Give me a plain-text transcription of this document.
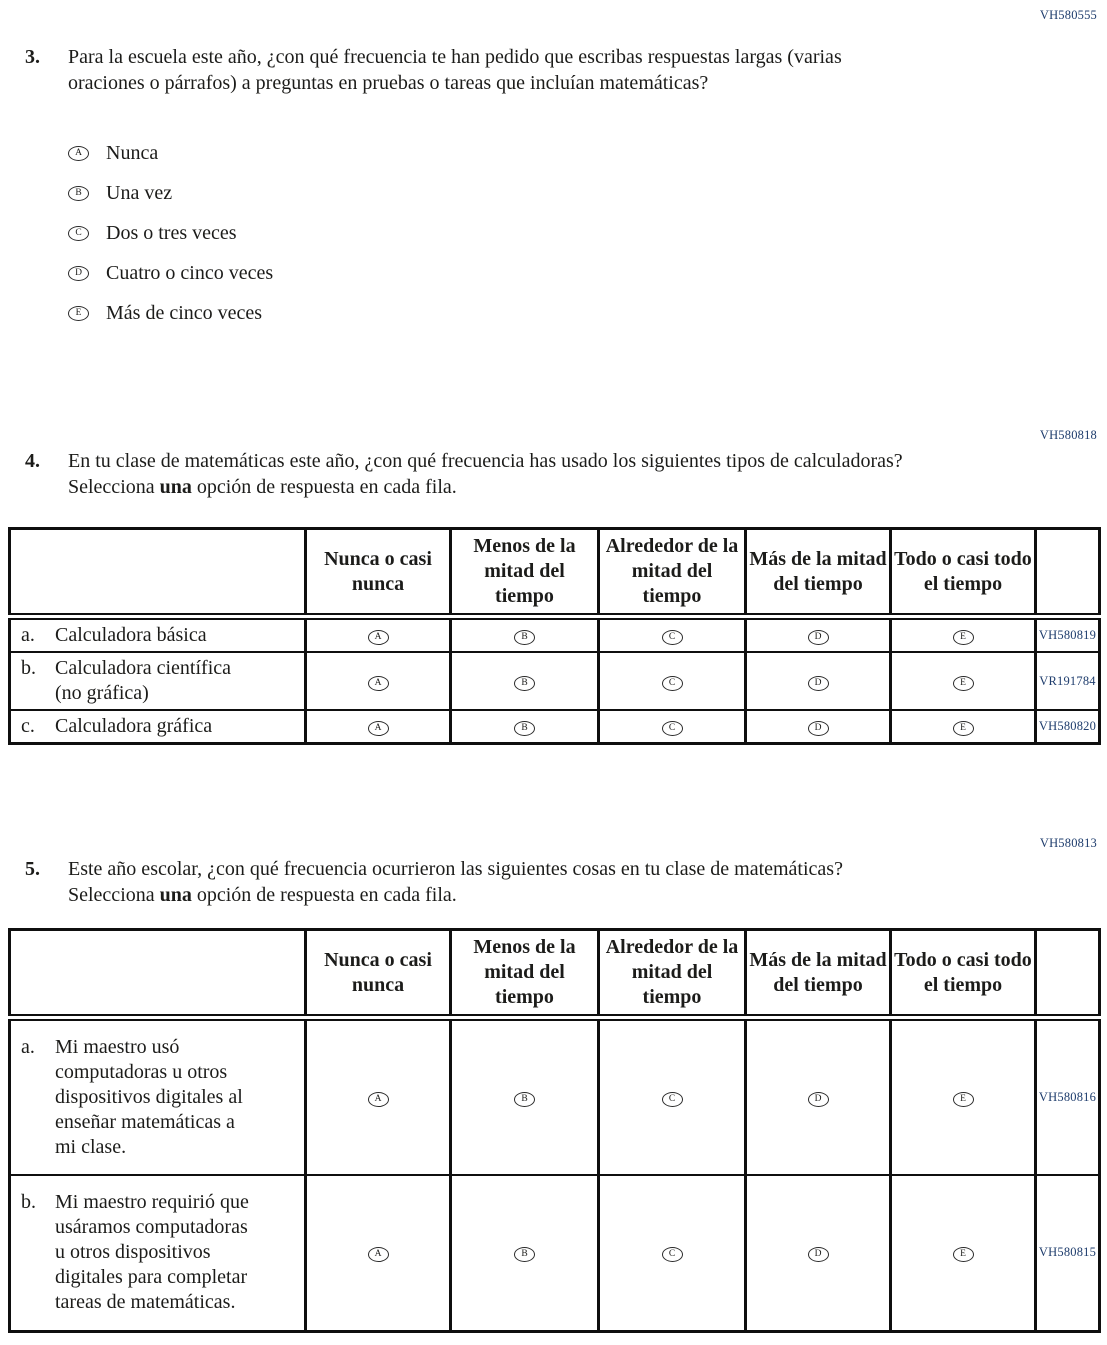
VH580555
3.	Para la escuela este año, ¿con qué frecuencia te han pedido que escribas respuestas largas (varias oraciones o párrafos) a preguntas en pruebas o tareas que incluían matemáticas?
A	Nunca
B	Una vez
C	Dos o tres veces
D	Cuatro o cinco veces
E	Más de cinco veces
VH580818
4.	En tu clase de matemáticas este año, ¿con qué frecuencia has usado los siguientes tipos de calculadoras? Selecciona una opción de respuesta en cada fila.
	Nunca o casi nunca	Menos de la mitad del tiempo	Alrededor de la mitad del tiempo	Más de la mitad del tiempo	Todo o casi todo el tiempo	

a. Calculadora básica	A	B	C	D	E	VH580819

b. Calculadora científica (no gráfica)	A	B	C	D	E	VR191784

c. Calculadora gráfica	A	B	C	D	E	VH580820
VH580813
5.	Este año escolar, ¿con qué frecuencia ocurrieron las siguientes cosas en tu clase de matemáticas? Selecciona una opción de respuesta en cada fila.
	Nunca o casi nunca	Menos de la mitad del tiempo	Alrededor de la mitad del tiempo	Más de la mitad del tiempo	Todo o casi todo el tiempo	

a. Mi maestro usó computadoras u otros dispositivos digitales al enseñar matemáticas a mi clase.	A	B	C	D	E	VH580816

b. Mi maestro requirió que usáramos computadoras u otros dispositivos digitales para completar tareas de matemáticas.	A	B	C	D	E	VH580815
